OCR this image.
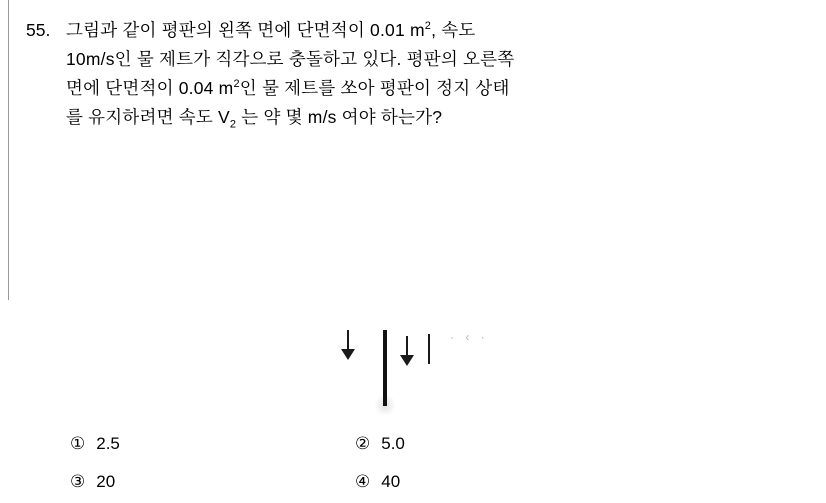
55. 그림과 같이 평판의 왼쪽 면에 단면적이 0.01 $m^2$, 속도
10m/s인 물 제트가 직각으로 충돌하고 있다. 평판의 오른쪽
면에 단면적이 0.04 $m^2$인 물 제트를 쏘아 평판이 정지 상태
를 유지하려면 속도 $V_2$ 는 약 몇 m/s 여야 하는가?
· ‹ ·
① 2.5	② 5.0
③ 20	④ 40
